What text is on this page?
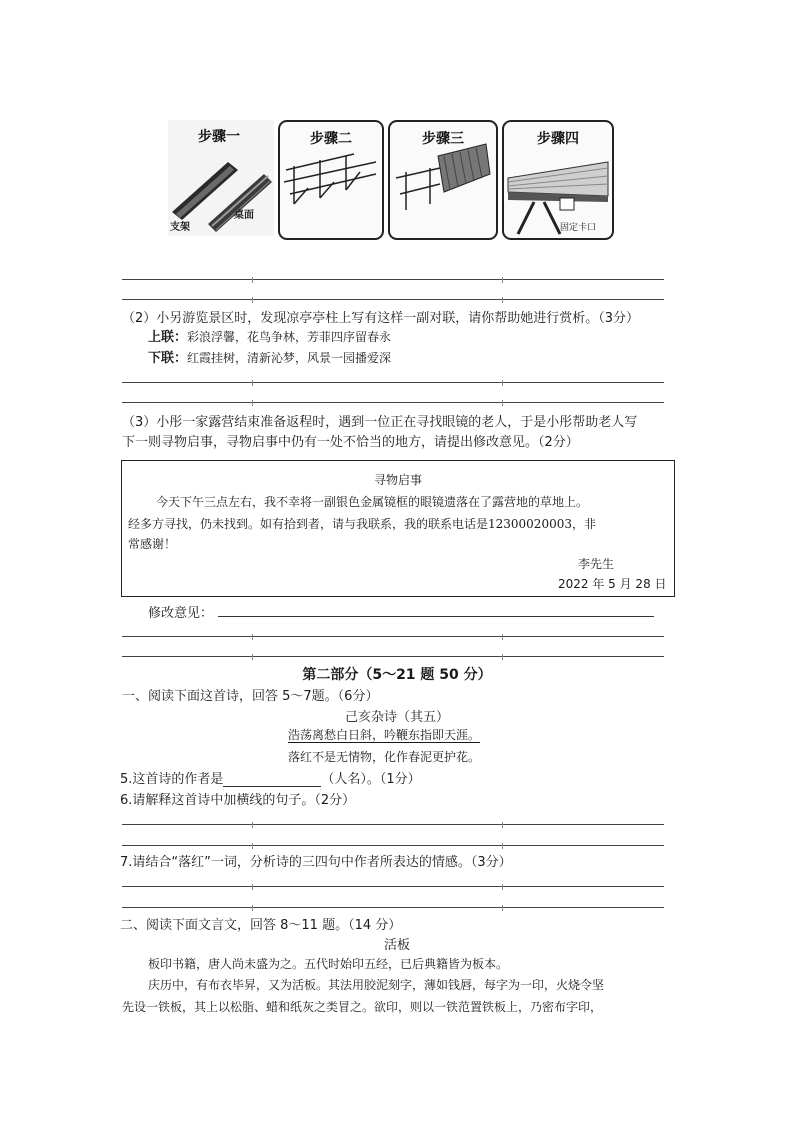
步骤一
支架
桌面
步骤二	步骤三	步骤四
固定卡口
（2）小另游览景区时，发现凉亭亭柱上写有这样一副对联，请你帮助她进行赏析。（3分）
上联：彩浪浮馨，花鸟争林，芳菲四序留春永
下联：红霞挂树，清新沁梦，风景一园播爱深
（3）小彤一家露营结束准备返程时，遇到一位正在寻找眼镜的老人，于是小彤帮助老人写
下一则寻物启事，寻物启事中仍有一处不恰当的地方，请提出修改意见。（2分）
寻物启事
今天下午三点左右，我不幸将一副银色金属镜框的眼镜遗落在了露营地的草地上。
经多方寻找，仍未找到。如有拾到者，请与我联系，我的联系电话是12300020003，非
常感谢！
李先生
2022 年 5 月 28 日
修改意见：
第二部分（5～21 题 50 分）
一、阅读下面这首诗，回答 5～7题。（6分）
己亥杂诗（其五）
浩荡离愁白日斜，吟鞭东指即天涯。
落红不是无情物，化作春泥更护花。
5.这首诗的作者是	（人名）。（1分）
6.请解释这首诗中加横线的句子。（2分）
7.请结合“落红”一词，分析诗的三四句中作者所表达的情感。（3分）
二、阅读下面文言文，回答 8～11 题。（14 分）
活板
板印书籍，唐人尚未盛为之。五代时始印五经，已后典籍皆为板本。
庆历中，有布衣毕昇，又为活板。其法用胶泥刻字，薄如钱唇，每字为一印，火烧令坚
先设一铁板，其上以松脂、蜡和纸灰之类冒之。欲印，则以一铁范置铁板上，乃密布字印，
